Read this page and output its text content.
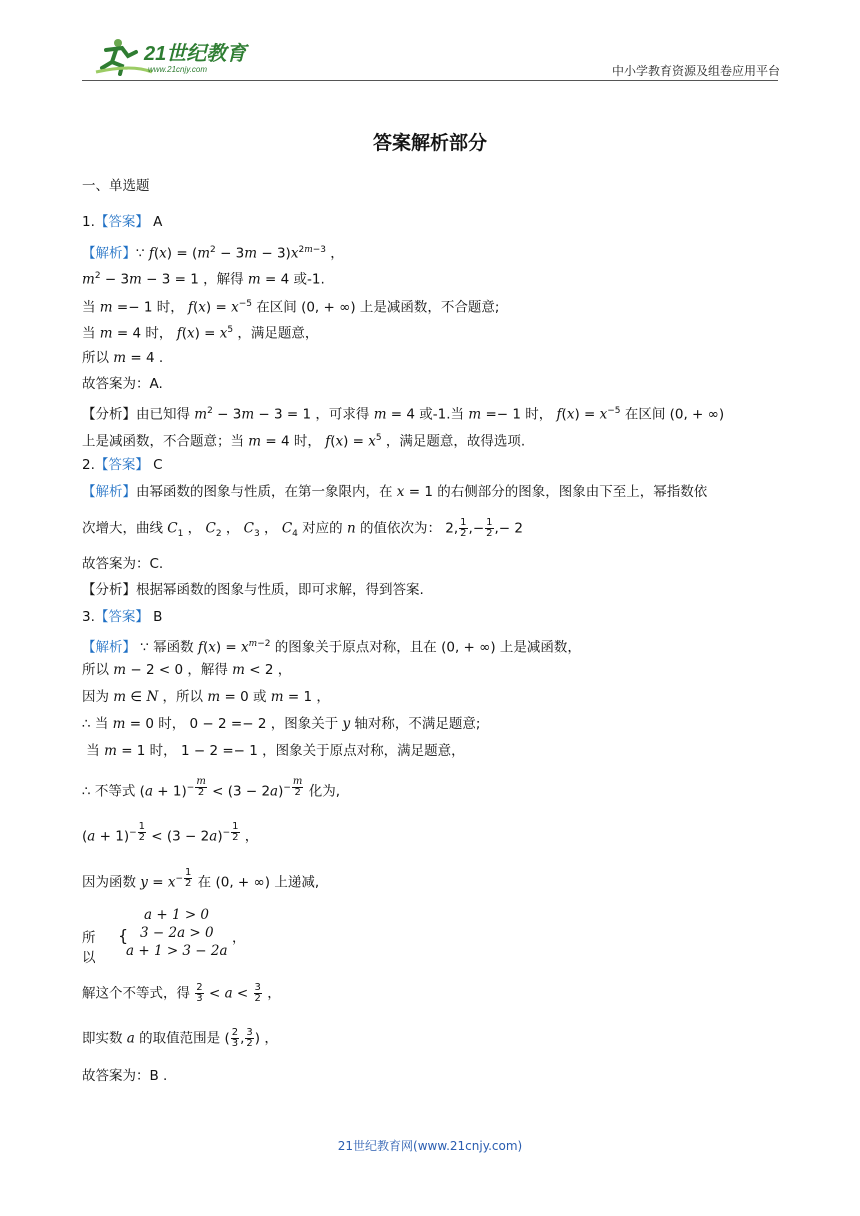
21世纪教育
www.21cnjy.com	中小学教育资源及组卷应用平台
答案解析部分
一、单选题
1.【答案】 A
【解析】∵ $f(x) = (m^2 - 3m - 3)x^{2m-3}$ ，
$m^2 - 3m - 3 = 1$ ，解得 m = 4 或-1.
当 m =− 1 时， $f(x) = x^{-5}$ 在区间 (0, + ∞) 上是减函数，不合题意;
当 m = 4 时， $f(x) = x^5$ ，满足题意，
所以 m = 4 .
故答案为：A.
【分析】由已知得 $m^2 - 3m - 3 = 1$ ，可求得 m = 4 或-1.当 m =− 1 时， $f(x) = x^{-5}$ 在区间 (0, + ∞)
上是减函数，不合题意；当 m = 4 时， $f(x) = x^5$ ，满足题意，故得选项.
2.【答案】 C
【解析】由幂函数的图象与性质，在第一象限内，在 x = 1 的右侧部分的图象，图象由下至上，幂指数依
次增大，曲线 $C_1$ ， $C_2$ ， $C_3$ ， $C_4$ 对应的 n 的值依次为： 2, $\frac{1}{2}$ ,− $\frac{1}{2}$ ,− 2
故答案为：C.
【分析】根据幂函数的图象与性质，即可求解，得到答案.
3.【答案】 B
【解析】 ∵ 幂函数 $f(x) = x^{m-2}$ 的图象关于原点对称，且在 (0, + ∞) 上是减函数，
所以 m − 2 < 0 ，解得 m < 2 ，
因为 m ∈ N ，所以 m = 0 或 m = 1 ，
∴ 当 m = 0 时， 0 − 2 =− 2 ，图象关于 y 轴对称，不满足题意;
当 m = 1 时， 1 − 2 =− 1 ，图象关于原点对称，满足题意，
∴ 不等式 $(a + 1)^{- \frac{m}{2}} < (3 - 2a)^{- \frac{m}{2}}$ 化为,
$(a + 1)^{- \frac{1}{2}} < (3 - 2a)^{- \frac{1}{2}}$ ，
因为函数 $y = x^{- \frac{1}{2}}$ 在 (0, + ∞) 上递减,
解这个不等式，得 $\frac{2}{3} < a < \frac{3}{2}$ ，
即实数 a 的取值范围是 ( $\frac{2}{3}$ , $\frac{3}{2}$ ) ，
故答案为：B .
所以
{
a + 1 > 0
3 − 2a > 0
a + 1 > 3 − 2a
，
21世纪教育网(www.21cnjy.com)
